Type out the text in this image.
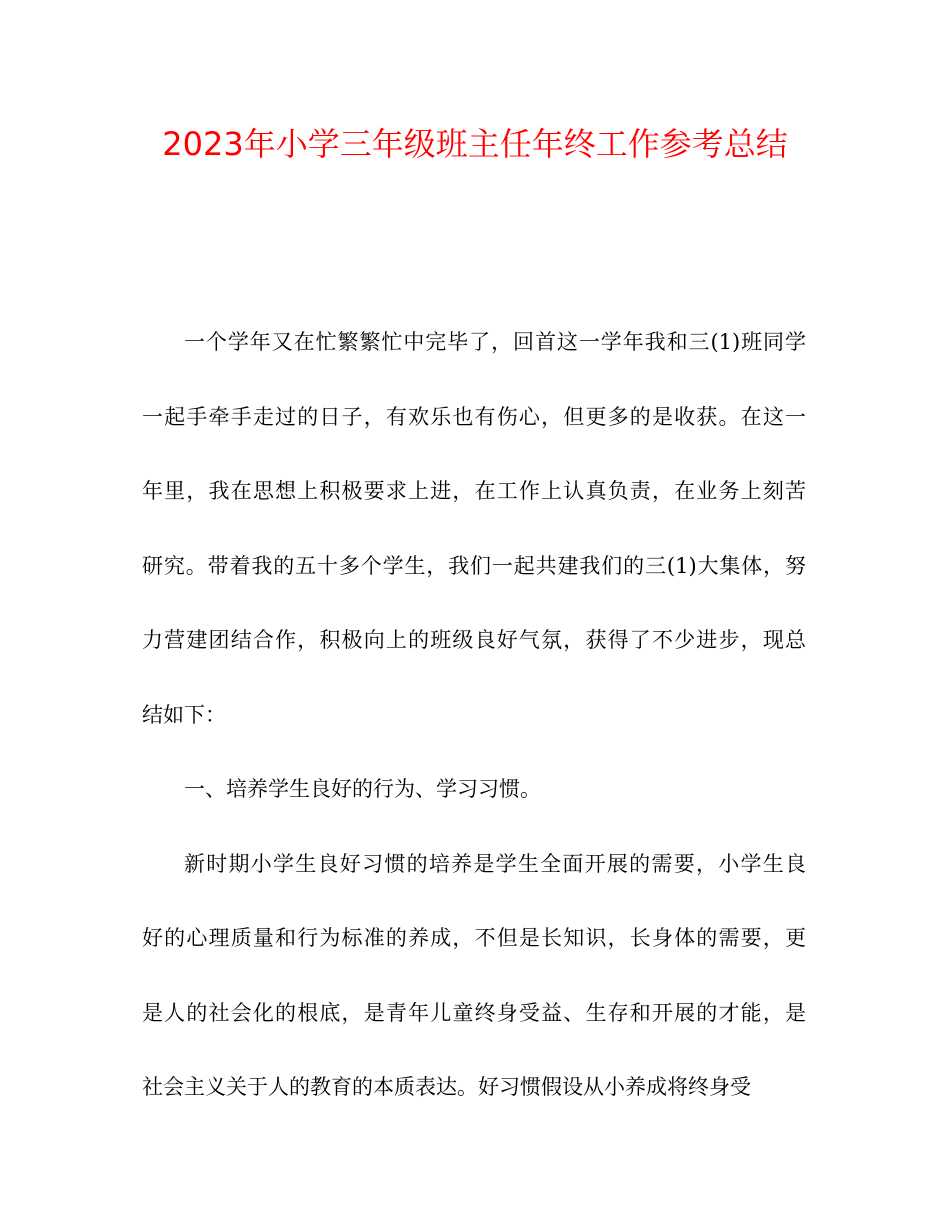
2023年小学三年级班主任年终工作参考总结
一个学年又在忙繁繁忙中完毕了，回首这一学年我和三(1)班同学
一起手牵手走过的日子，有欢乐也有伤心，但更多的是收获。在这一
年里，我在思想上积极要求上进，在工作上认真负责，在业务上刻苦
研究。带着我的五十多个学生，我们一起共建我们的三(1)大集体，努
力营建团结合作，积极向上的班级良好气氛，获得了不少进步，现总
结如下：
一、培养学生良好的行为、学习习惯。
新时期小学生良好习惯的培养是学生全面开展的需要，小学生良
好的心理质量和行为标准的养成，不但是长知识，长身体的需要，更
是人的社会化的根底，是青年儿童终身受益、生存和开展的才能，是
社会主义关于人的教育的本质表达。好习惯假设从小养成将终身受
